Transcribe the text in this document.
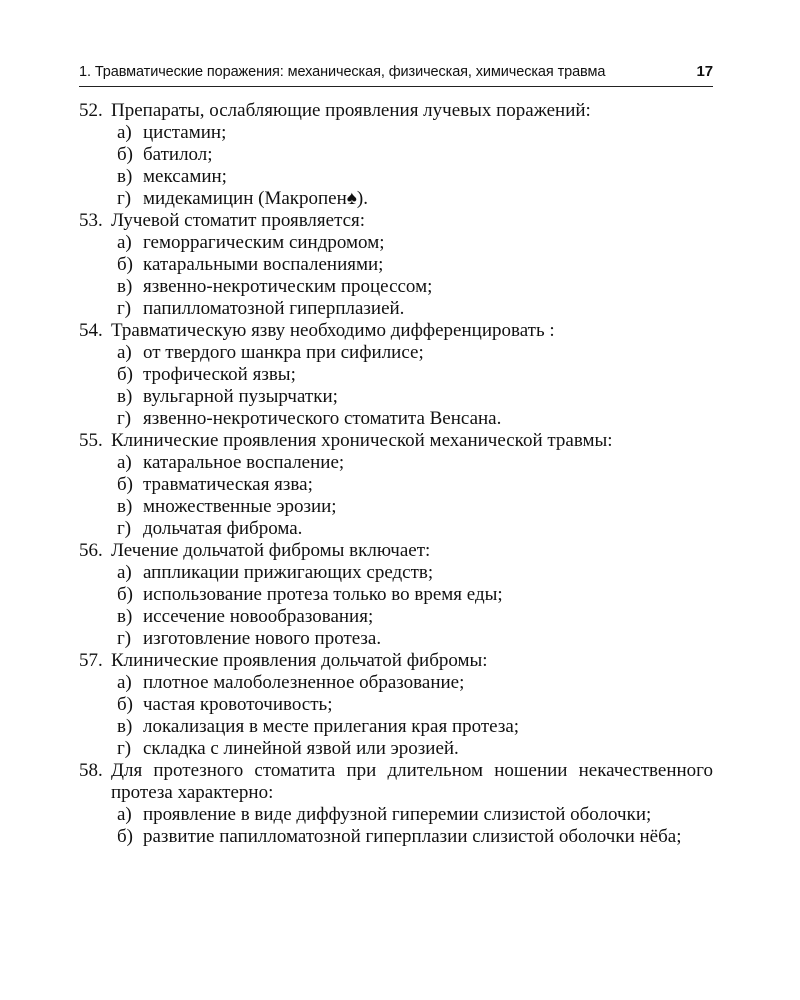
1. Травматические поражения: механическая, физическая, химическая травма	17
52. Препараты, ослабляющие проявления лучевых поражений:
а) цистамин;
б) батилол;
в) мексамин;
г) мидекамицин (Макропен♠).
53. Лучевой стоматит проявляется:
а) геморрагическим синдромом;
б) катаральными воспалениями;
в) язвенно-некротическим процессом;
г) папилломатозной гиперплазией.
54. Травматическую язву необходимо дифференцировать :
а) от твердого шанкра при сифилисе;
б) трофической язвы;
в) вульгарной пузырчатки;
г) язвенно-некротического стоматита Венсана.
55. Клинические проявления хронической механической травмы:
а) катаральное воспаление;
б) травматическая язва;
в) множественные эрозии;
г) дольчатая фиброма.
56. Лечение дольчатой фибромы включает:
а) аппликации прижигающих средств;
б) использование протеза только во время еды;
в) иссечение новообразования;
г) изготовление нового протеза.
57. Клинические проявления дольчатой фибромы:
а) плотное малоболезненное образование;
б) частая кровоточивость;
в) локализация в месте прилегания края протеза;
г) складка с линейной язвой или эрозией.
58. Для протезного стоматита при длительном ношении некачественного протеза характерно:
а) проявление в виде диффузной гиперемии слизистой оболочки;
б) развитие папилломатозной гиперплазии слизистой оболочки нёба;
